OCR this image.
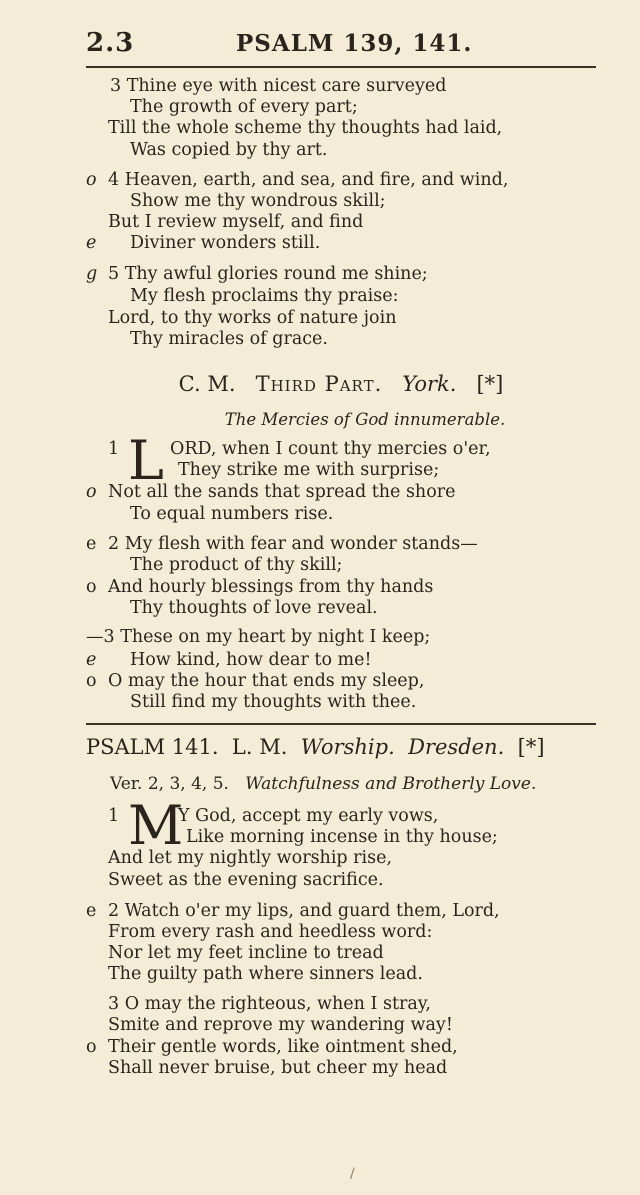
2.3	PSALM 139, 141.
3 Thine eye with nicest care surveyed
The growth of every part;
Till the whole scheme thy thoughts had laid,
Was copied by thy art.
o 4 Heaven, earth, and sea, and fire, and wind,
Show me thy wondrous skill;
But I review myself, and find
e Diviner wonders still.
g 5 Thy awful glories round me shine;
My flesh proclaims thy praise:
Lord, to thy works of nature join
Thy miracles of grace.
C. M. Third Part. York. [*]
The Mercies of God innumerable.
1 L ORD, when I count thy mercies o'er,
They strike me with surprise;
o Not all the sands that spread the shore
To equal numbers rise.
e 2 My flesh with fear and wonder stands—
The product of thy skill;
o And hourly blessings from thy hands
Thy thoughts of love reveal.
—3 These on my heart by night I keep;
e How kind, how dear to me!
o O may the hour that ends my sleep,
Still find my thoughts with thee.
PSALM 141. L. M. Worship. Dresden. [*]
Ver. 2, 3, 4, 5. Watchfulness and Brotherly Love.
1 M
Y God, accept my early vows,
Like morning incense in thy house;
And let my nightly worship rise,
Sweet as the evening sacrifice.
e 2 Watch o'er my lips, and guard them, Lord,
From every rash and heedless word:
Nor let my feet incline to tread
The guilty path where sinners lead.
3 O may the righteous, when I stray,
Smite and reprove my wandering way!
o Their gentle words, like ointment shed,
Shall never bruise, but cheer my head
/
